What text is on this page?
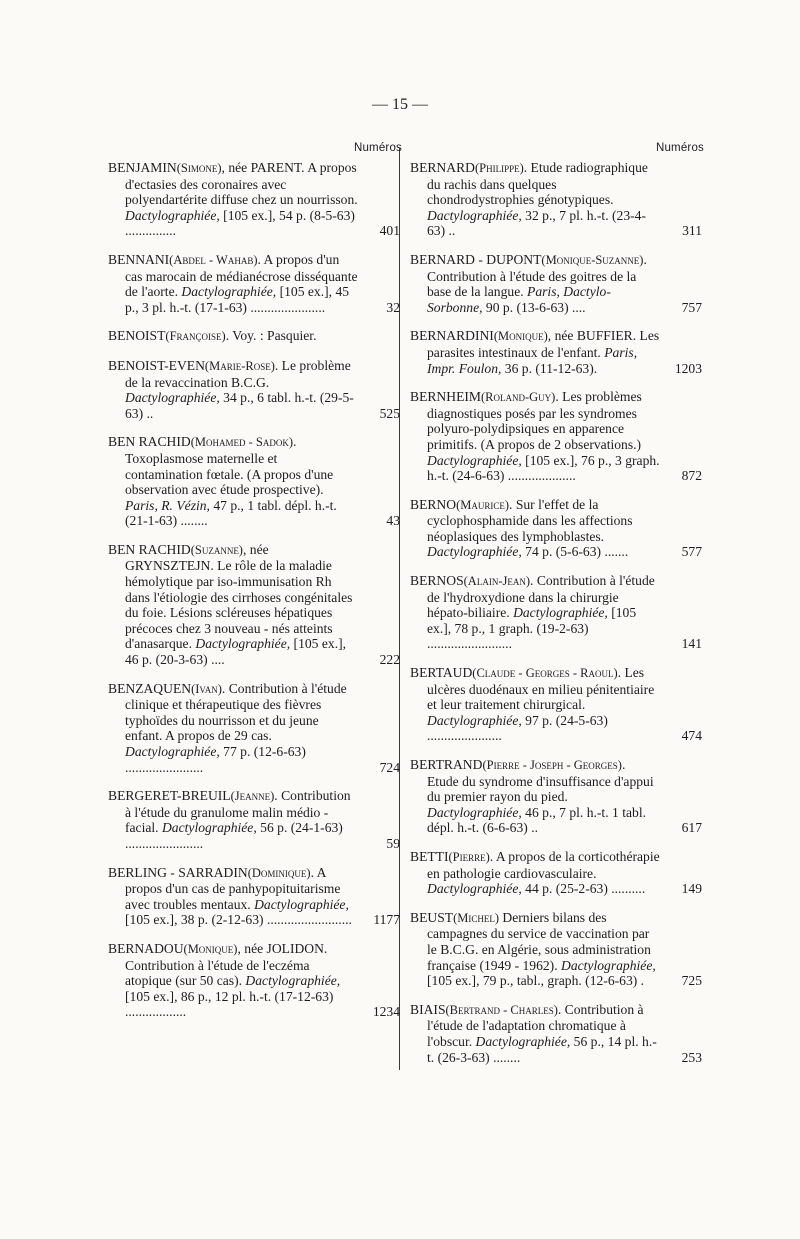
— 15 —
Numéros
BENJAMIN(Simone), née PARENT. A propos d'ectasies des coronaires avec polyendartérite diffuse chez un nourrisson. Dactylographiée, [105 ex.], 54 p. (8-5-63) ...............	401
BENNANI(Abdel - Wahab). A propos d'un cas marocain de médianécrose disséquante de l'aorte. Dactylographiée, [105 ex.], 45 p., 3 pl. h.-t. (17-1-63) ......................	32
BENOIST(Françoise). Voy. : Pasquier.
BENOIST-EVEN(Marie-Rose). Le problème de la revaccination B.C.G. Dactylographiée, 34 p., 6 tabl. h.-t. (29-5-63) ..	525
BEN RACHID(Mohamed - Sadok). Toxoplasmose maternelle et contamination fœtale. (A propos d'une observation avec étude prospective). Paris, R. Vézin, 47 p., 1 tabl. dépl. h.-t. (21-1-63) ........	43
BEN RACHID(Suzanne), née GRYNSZTEJN. Le rôle de la maladie hémolytique par iso-immunisation Rh dans l'étiologie des cirrhoses congénitales du foie. Lésions scléreuses hépatiques précoces chez 3 nouveau - nés atteints d'anasarque. Dactylographiée, [105 ex.], 46 p. (20-3-63) ....	222
BENZAQUEN(Ivan). Contribution à l'étude clinique et thérapeutique des fièvres typhoïdes du nourrisson et du jeune enfant. A propos de 29 cas. Dactylographiée, 77 p. (12-6-63) .......................	724
BERGERET-BREUIL(Jeanne). Contribution à l'étude du granulome malin médio - facial. Dactylographiée, 56 p. (24-1-63) .......................	59
BERLING - SARRADIN(Dominique). A propos d'un cas de panhypopituitarisme avec troubles mentaux. Dactylographiée, [105 ex.], 38 p. (2-12-63) ......................... 1177
BERNADOU(Monique), née JOLIDON. Contribution à l'étude de l'eczéma atopique (sur 50 cas). Dactylographiée, [105 ex.], 86 p., 12 pl. h.-t. (17-12-63) ..................	1234
Numéros
BERNARD(Philippe). Etude radiographique du rachis dans quelques chondrodystrophies génotypiques. Dactylographiée, 32 p., 7 pl. h.-t. (23-4-63) ..	311
BERNARD - DUPONT(Monique-Suzanne). Contribution à l'étude des goitres de la base de la langue. Paris, Dactylo-Sorbonne, 90 p. (13-6-63) ....	757
BERNARDINI(Monique), née BUFFIER. Les parasites intestinaux de l'enfant. Paris, Impr. Foulon, 36 p. (11-12-63).	1203
BERNHEIM(Roland-Guy). Les problèmes diagnostiques posés par les syndromes polyuro-polydipsiques en apparence primitifs. (A propos de 2 observations.) Dactylographiée, [105 ex.], 76 p., 3 graph. h.-t. (24-6-63) ....................	872
BERNO(Maurice). Sur l'effet de la cyclophosphamide dans les affections néoplasiques des lymphoblastes. Dactylographiée, 74 p. (5-6-63) .......	577
BERNOS(Alain-Jean). Contribution à l'étude de l'hydroxydione dans la chirurgie hépato-biliaire. Dactylographiée, [105 ex.], 78 p., 1 graph. (19-2-63) .........................	141
BERTAUD(Claude - Georges - Raoul). Les ulcères duodénaux en milieu pénitentiaire et leur traitement chirurgical. Dactylographiée, 97 p. (24-5-63) ......................	474
BERTRAND(Pierre - Joseph - Georges). Etude du syndrome d'insuffisance d'appui du premier rayon du pied. Dactylographiée, 46 p., 7 pl. h.-t. 1 tabl. dépl. h.-t. (6-6-63) ..	617
BETTI(Pierre). A propos de la corticothérapie en pathologie cardiovasculaire. Dactylographiée, 44 p. (25-2-63) ..........	149
BEUST(Michel) Derniers bilans des campagnes du service de vaccination par le B.C.G. en Algérie, sous administration française (1949 - 1962). Dactylographiée, [105 ex.], 79 p., tabl., graph. (12-6-63) .	725
BIAIS(Bertrand - Charles). Contribution à l'étude de l'adaptation chromatique à l'obscur. Dactylographiée, 56 p., 14 pl. h.-t. (26-3-63) ........	253
